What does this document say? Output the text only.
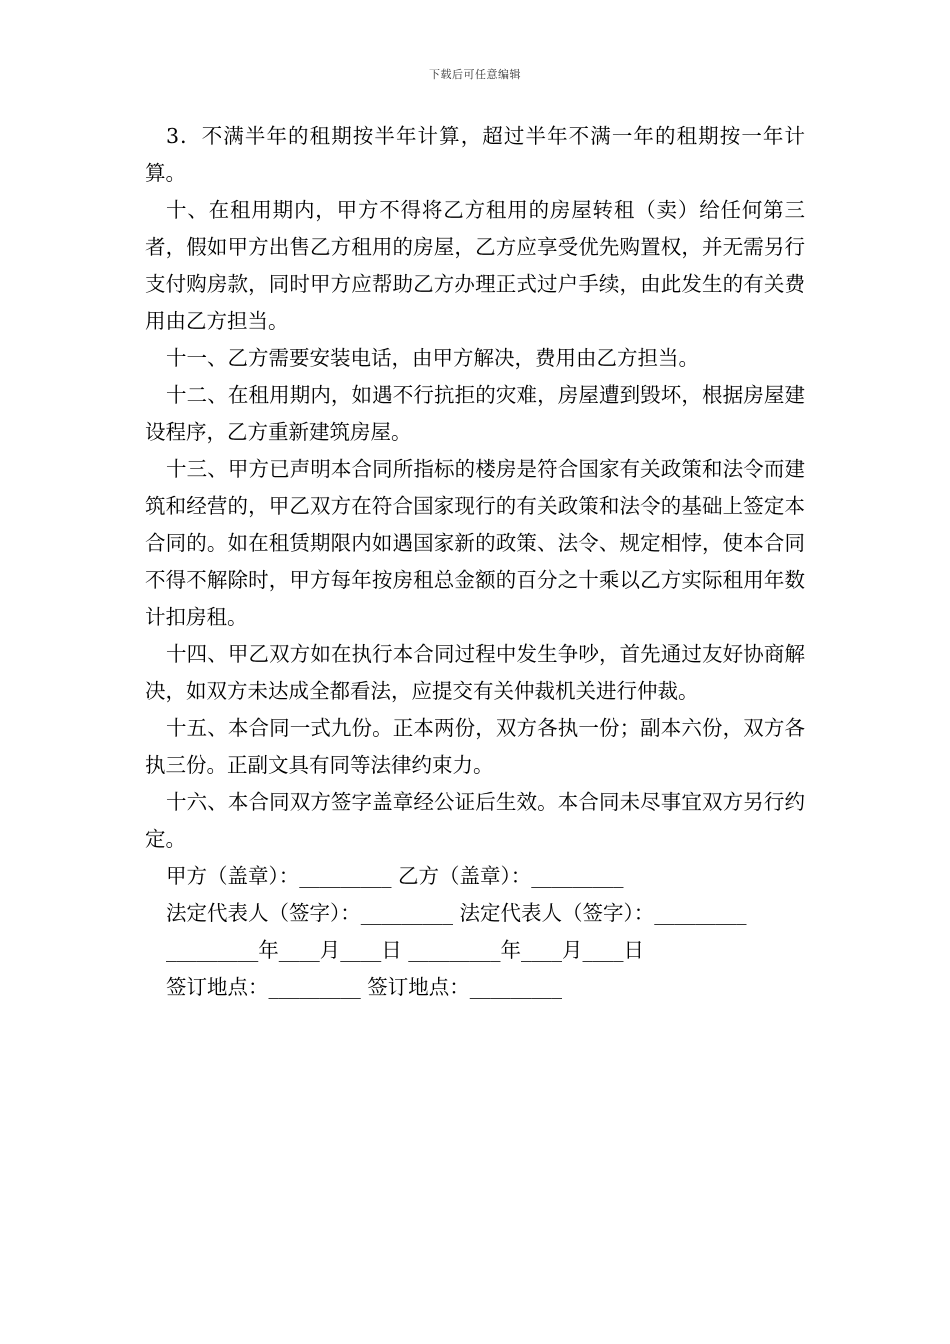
下载后可任意编辑

3．不满半年的租期按半年计算，超过半年不满一年的租期按一年计算。

十、在租用期内，甲方不得将乙方租用的房屋转租（卖）给任何第三者，假如甲方出售乙方租用的房屋，乙方应享受优先购置权，并无需另行支付购房款，同时甲方应帮助乙方办理正式过户手续，由此发生的有关费用由乙方担当。

十一、乙方需要安装电话，由甲方解决，费用由乙方担当。

十二、在租用期内，如遇不行抗拒的灾难，房屋遭到毁坏，根据房屋建设程序，乙方重新建筑房屋。

十三、甲方已声明本合同所指标的楼房是符合国家有关政策和法令而建筑和经营的，甲乙双方在符合国家现行的有关政策和法令的基础上签定本合同的。如在租赁期限内如遇国家新的政策、法令、规定相悖，使本合同不得不解除时，甲方每年按房租总金额的百分之十乘以乙方实际租用年数计扣房租。

十四、甲乙双方如在执行本合同过程中发生争吵，首先通过友好协商解决，如双方未达成全都看法，应提交有关仲裁机关进行仲裁。

十五、本合同一式九份。正本两份，双方各执一份；副本六份，双方各执三份。正副文具有同等法律约束力。

十六、本合同双方签字盖章经公证后生效。本合同未尽事宜双方另行约定。

甲方（盖章）：_________ 乙方（盖章）：_________

法定代表人（签字）：_________ 法定代表人（签字）：_________

_________年____月____日 _________年____月____日

签订地点：_________ 签订地点：_________
